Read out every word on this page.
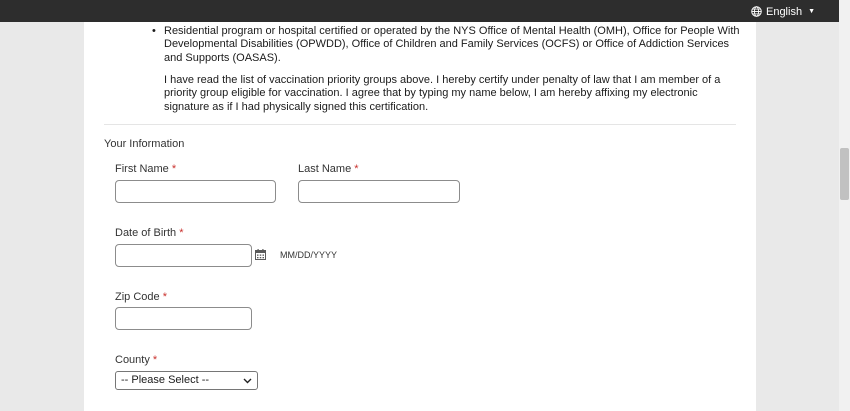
English ▼
• Residential program or hospital certified or operated by the NYS Office of Mental Health (OMH), Office for People With Developmental Disabilities (OPWDD), Office of Children and Family Services (OCFS) or Office of Addiction Services and Supports (OASAS).

I have read the list of vaccination priority groups above. I hereby certify under penalty of law that I am member of a priority group eligible for vaccination. I agree that by typing my name below, I am hereby affixing my electronic signature as if I had physically signed this certification.

Your Information
First Name *	Last Name *
Date of Birth *
MM/DD/YYYY
Zip Code *
County *
-- Please Select --
